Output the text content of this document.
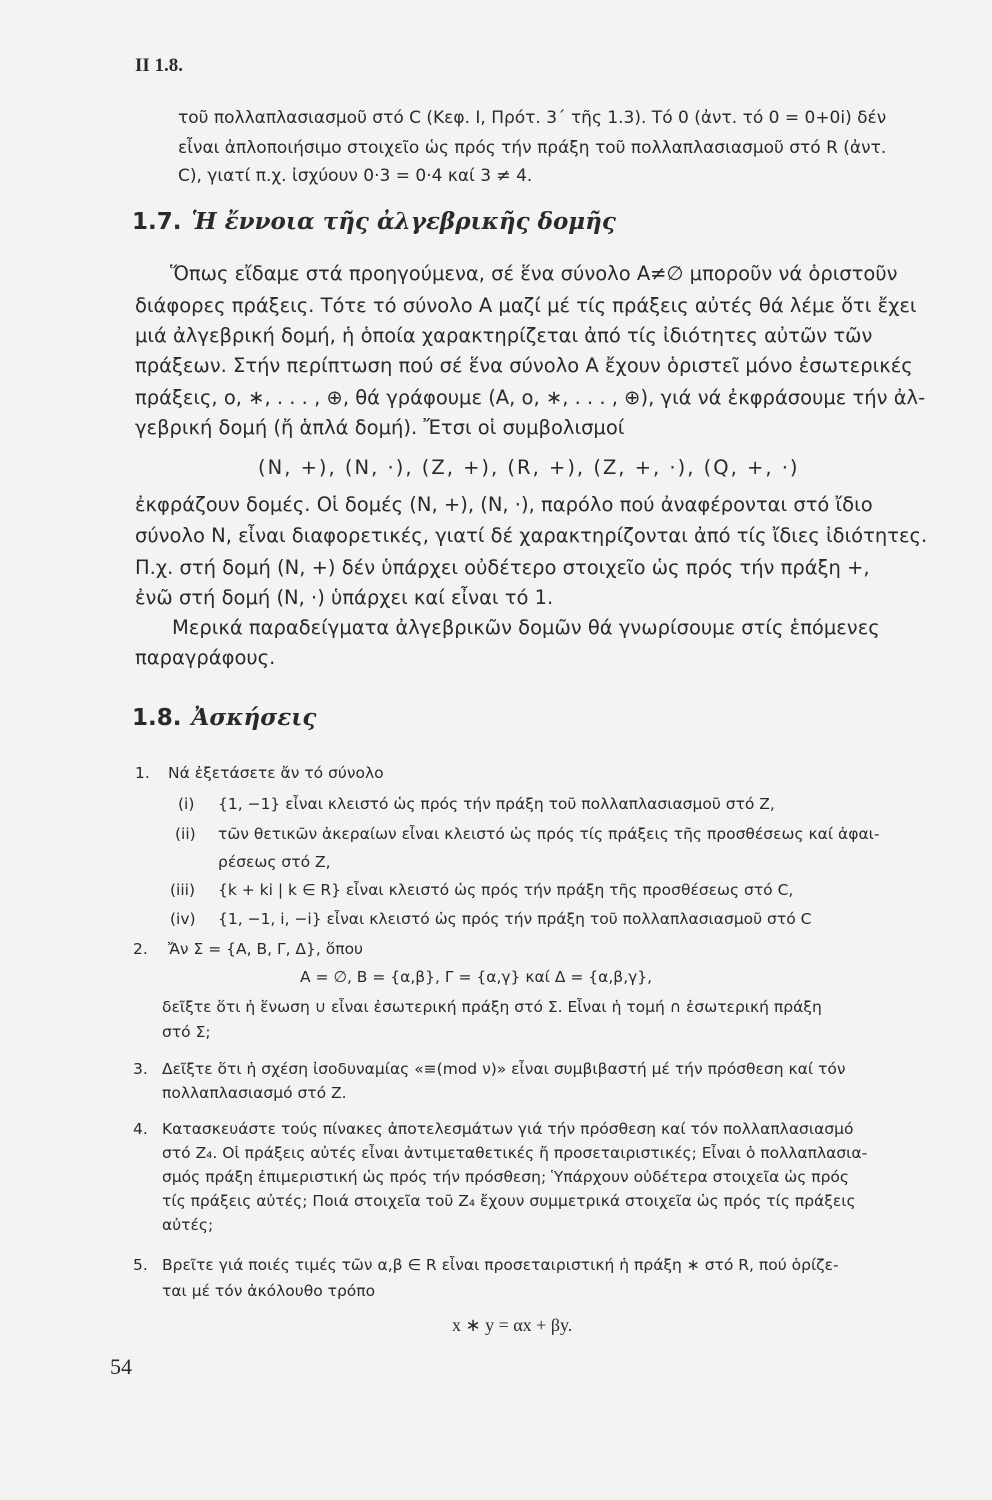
II 1.8.
τοῦ πολλαπλασιασμοῦ στό C (Κεφ. Ι, Πρότ. 3΄ τῆς 1.3). Τό 0 (ἀντ. τό 0 = 0+0i) δέν
εἶναι ἀπλοποιήσιμο στοιχεῖο ὡς πρός τήν πράξη τοῦ πολλαπλασιασμοῦ στό R (ἀντ.
C), γιατί π.χ. ἰσχύουν 0·3 = 0·4 καί 3 ≠ 4.
1.7. Ἡ ἔννοια τῆς ἀλγεβρικῆς δομῆς
Ὅπως εἴδαμε στά προηγούμενα, σέ ἕνα σύνολο A≠∅ μποροῦν νά ὁριστοῦν
διάφορες πράξεις. Τότε τό σύνολο A μαζί μέ τίς πράξεις αὐτές θά λέμε ὅτι ἔχει
μιά ἀλγεβρική δομή, ἡ ὁποία χαρακτηρίζεται ἀπό τίς ἰδιότητες αὐτῶν τῶν
πράξεων. Στήν περίπτωση πού σέ ἕνα σύνολο A ἔχουν ὁριστεῖ μόνο ἐσωτερικές
πράξεις, ο, ∗, . . . , ⊕, θά γράφουμε (A, ο, ∗, . . . , ⊕), γιά νά ἐκφράσουμε τήν ἀλ-
γεβρική δομή (ἤ ἁπλά δομή). Ἔτσι οἱ συμβολισμοί
(N, +), (N, ·), (Z, +), (R, +), (Z, +, ·), (Q, +, ·)
ἐκφράζουν δομές. Οἱ δομές (N, +), (N, ·), παρόλο πού ἀναφέρονται στό ἴδιο
σύνολο N, εἶναι διαφορετικές, γιατί δέ χαρακτηρίζονται ἀπό τίς ἴδιες ἰδιότητες.
Π.χ. στή δομή (N, +) δέν ὑπάρχει οὐδέτερο στοιχεῖο ὡς πρός τήν πράξη +,
ἐνῶ στή δομή (N, ·) ὑπάρχει καί εἶναι τό 1.
Μερικά παραδείγματα ἀλγεβρικῶν δομῶν θά γνωρίσουμε στίς ἑπόμενες
παραγράφους.
1.8. Ἀσκήσεις
1. Νά ἐξετάσετε ἄν τό σύνολο
(i) {1, −1} εἶναι κλειστό ὡς πρός τήν πράξη τοῦ πολλαπλασιασμοῦ στό Z,
(ii) τῶν θετικῶν ἀκεραίων εἶναι κλειστό ὡς πρός τίς πράξεις τῆς προσθέσεως καί ἀφαι-
ρέσεως στό Z,
(iii) {k + ki | k ∈ R} εἶναι κλειστό ὡς πρός τήν πράξη τῆς προσθέσεως στό C,
(iv) {1, −1, i, −i} εἶναι κλειστό ὡς πρός τήν πράξη τοῦ πολλαπλασιασμοῦ στό C
2. Ἄν Σ = {A, B, Γ, Δ}, ὅπου
A = ∅, B = {α,β}, Γ = {α,γ} καί Δ = {α,β,γ},
δεῖξτε ὅτι ἡ ἕνωση ∪ εἶναι ἐσωτερική πράξη στό Σ. Εἶναι ἡ τομή ∩ ἐσωτερική πράξη
στό Σ;
3. Δεῖξτε ὅτι ἡ σχέση ἰσοδυναμίας «≡(mod ν)» εἶναι συμβιβαστή μέ τήν πρόσθεση καί τόν
πολλαπλασιασμό στό Z.
4. Κατασκευάστε τούς πίνακες ἀποτελεσμάτων γιά τήν πρόσθεση καί τόν πολλαπλασιασμό
στό Z₄. Οἱ πράξεις αὐτές εἶναι ἀντιμεταθετικές ἤ προσεταιριστικές; Εἶναι ὁ πολλαπλασια-
σμός πράξη ἐπιμεριστική ὡς πρός τήν πρόσθεση; Ὑπάρχουν οὐδέτερα στοιχεῖα ὡς πρός
τίς πράξεις αὐτές; Ποιά στοιχεῖα τοῦ Z₄ ἔχουν συμμετρικά στοιχεῖα ὡς πρός τίς πράξεις
αὐτές;
5. Βρεῖτε γιά ποιές τιμές τῶν α,β ∈ R εἶναι προσεταιριστική ἡ πράξη ∗ στό R, πού ὁρίζε-
ται μέ τόν ἀκόλουθο τρόπο
x ∗ y = αx + βy.
54
